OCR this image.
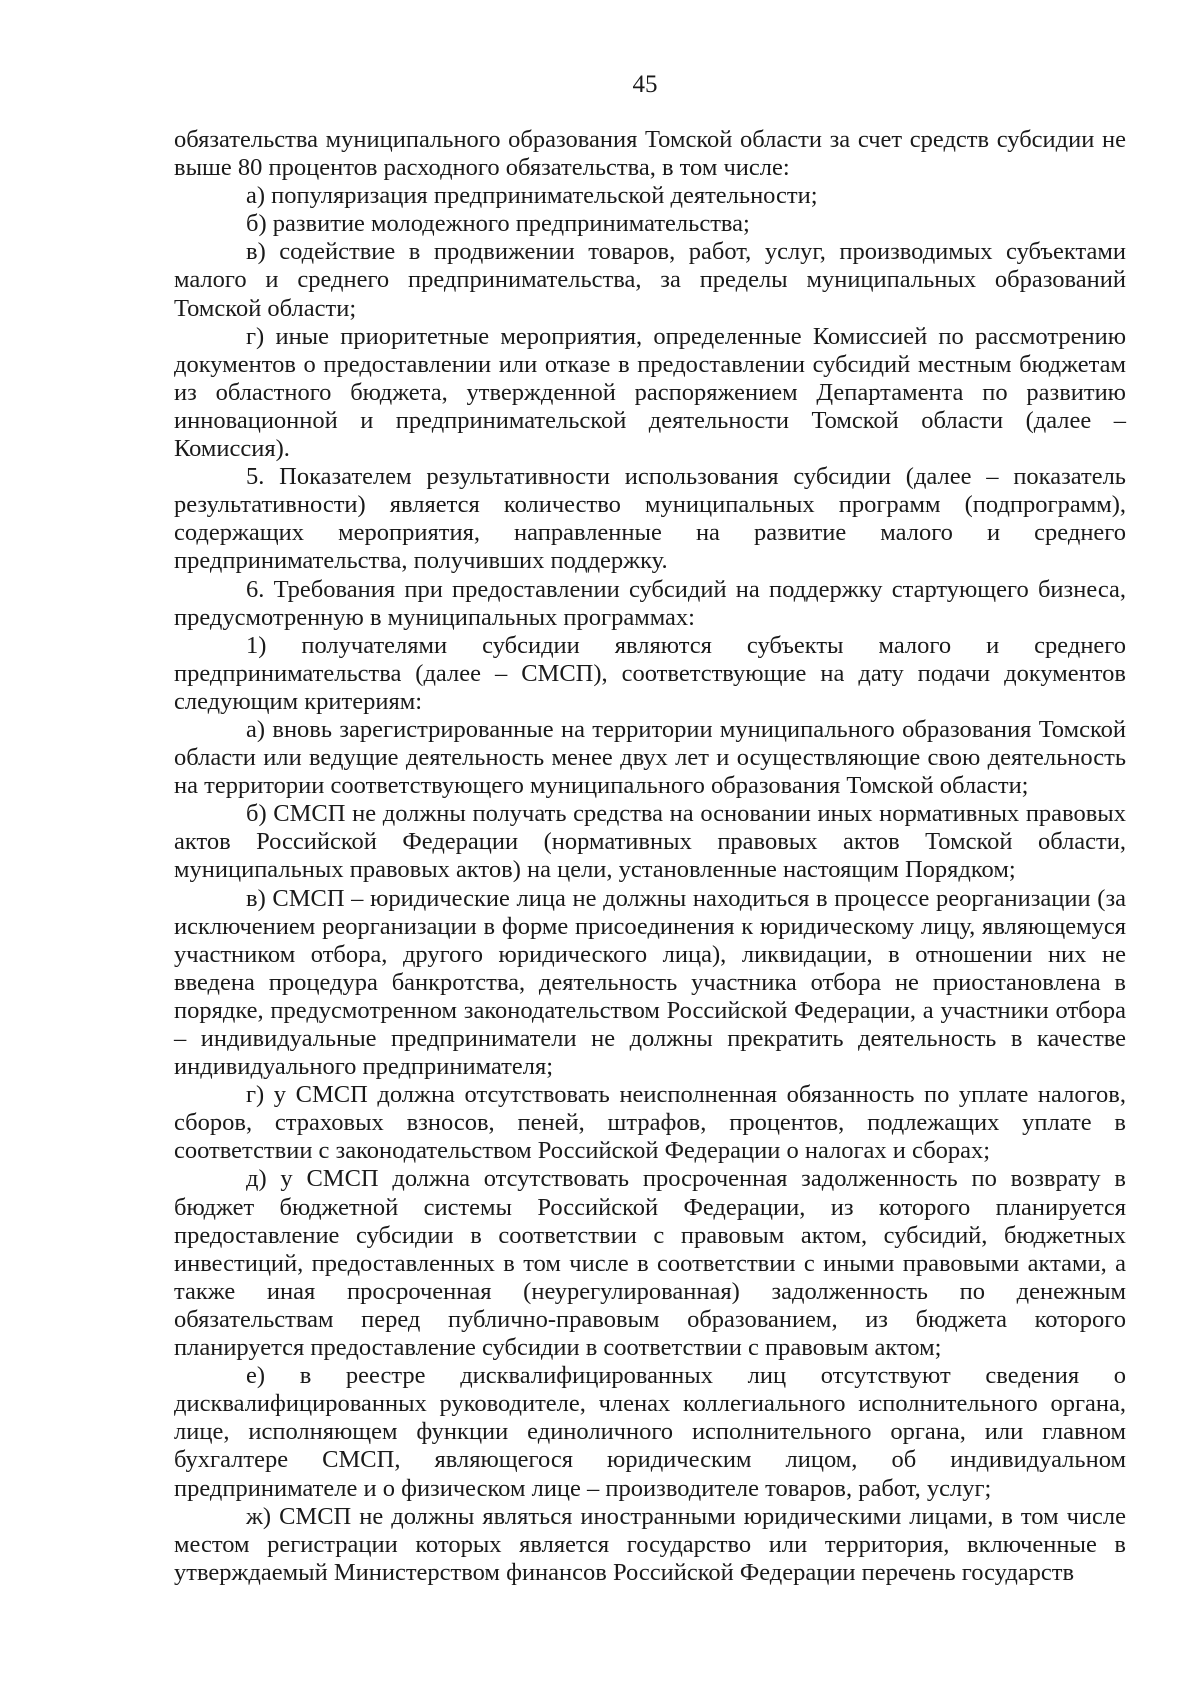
45

обязательства муниципального образования Томской области за счет средств субсидии не выше 80 процентов расходного обязательства, в том числе:

а) популяризация предпринимательской деятельности;

б) развитие молодежного предпринимательства;

в) содействие в продвижении товаров, работ, услуг, производимых субъектами малого и среднего предпринимательства, за пределы муниципальных образований Томской области;

г) иные приоритетные мероприятия, определенные Комиссией по рассмотрению документов о предоставлении или отказе в предоставлении субсидий местным бюджетам из областного бюджета, утвержденной распоряжением Департамента по развитию инновационной и предпринимательской деятельности Томской области (далее – Комиссия).

5. Показателем результативности использования субсидии (далее – показатель результативности) является количество муниципальных программ (подпрограмм), содержащих мероприятия, направленные на развитие малого и среднего предпринимательства, получивших поддержку.

6. Требования при предоставлении субсидий на поддержку стартующего бизнеса, предусмотренную в муниципальных программах:

1) получателями субсидии являются субъекты малого и среднего предпринимательства (далее – СМСП), соответствующие на дату подачи документов следующим критериям:

а) вновь зарегистрированные на территории муниципального образования Томской области или ведущие деятельность менее двух лет и осуществляющие свою деятельность на территории соответствующего муниципального образования Томской области;

б) СМСП не должны получать средства на основании иных нормативных правовых актов Российской Федерации (нормативных правовых актов Томской области, муниципальных правовых актов) на цели, установленные настоящим Порядком;

в) СМСП – юридические лица не должны находиться в процессе реорганизации (за исключением реорганизации в форме присоединения к юридическому лицу, являющемуся участником отбора, другого юридического лица), ликвидации, в отношении них не введена процедура банкротства, деятельность участника отбора не приостановлена в порядке, предусмотренном законодательством Российской Федерации, а участники отбора – индивидуальные предприниматели не должны прекратить деятельность в качестве индивидуального предпринимателя;

г) у СМСП должна отсутствовать неисполненная обязанность по уплате налогов, сборов, страховых взносов, пеней, штрафов, процентов, подлежащих уплате в соответствии с законодательством Российской Федерации о налогах и сборах;

д) у СМСП должна отсутствовать просроченная задолженность по возврату в бюджет бюджетной системы Российской Федерации, из которого планируется предоставление субсидии в соответствии с правовым актом, субсидий, бюджетных инвестиций, предоставленных в том числе в соответствии с иными правовыми актами, а также иная просроченная (неурегулированная) задолженность по денежным обязательствам перед публично-правовым образованием, из бюджета которого планируется предоставление субсидии в соответствии с правовым актом;

е) в реестре дисквалифицированных лиц отсутствуют сведения о дисквалифицированных руководителе, членах коллегиального исполнительного органа, лице, исполняющем функции единоличного исполнительного органа, или главном бухгалтере СМСП, являющегося юридическим лицом, об индивидуальном предпринимателе и о физическом лице – производителе товаров, работ, услуг;

ж) СМСП не должны являться иностранными юридическими лицами, в том числе местом регистрации которых является государство или территория, включенные в утверждаемый Министерством финансов Российской Федерации перечень государств
